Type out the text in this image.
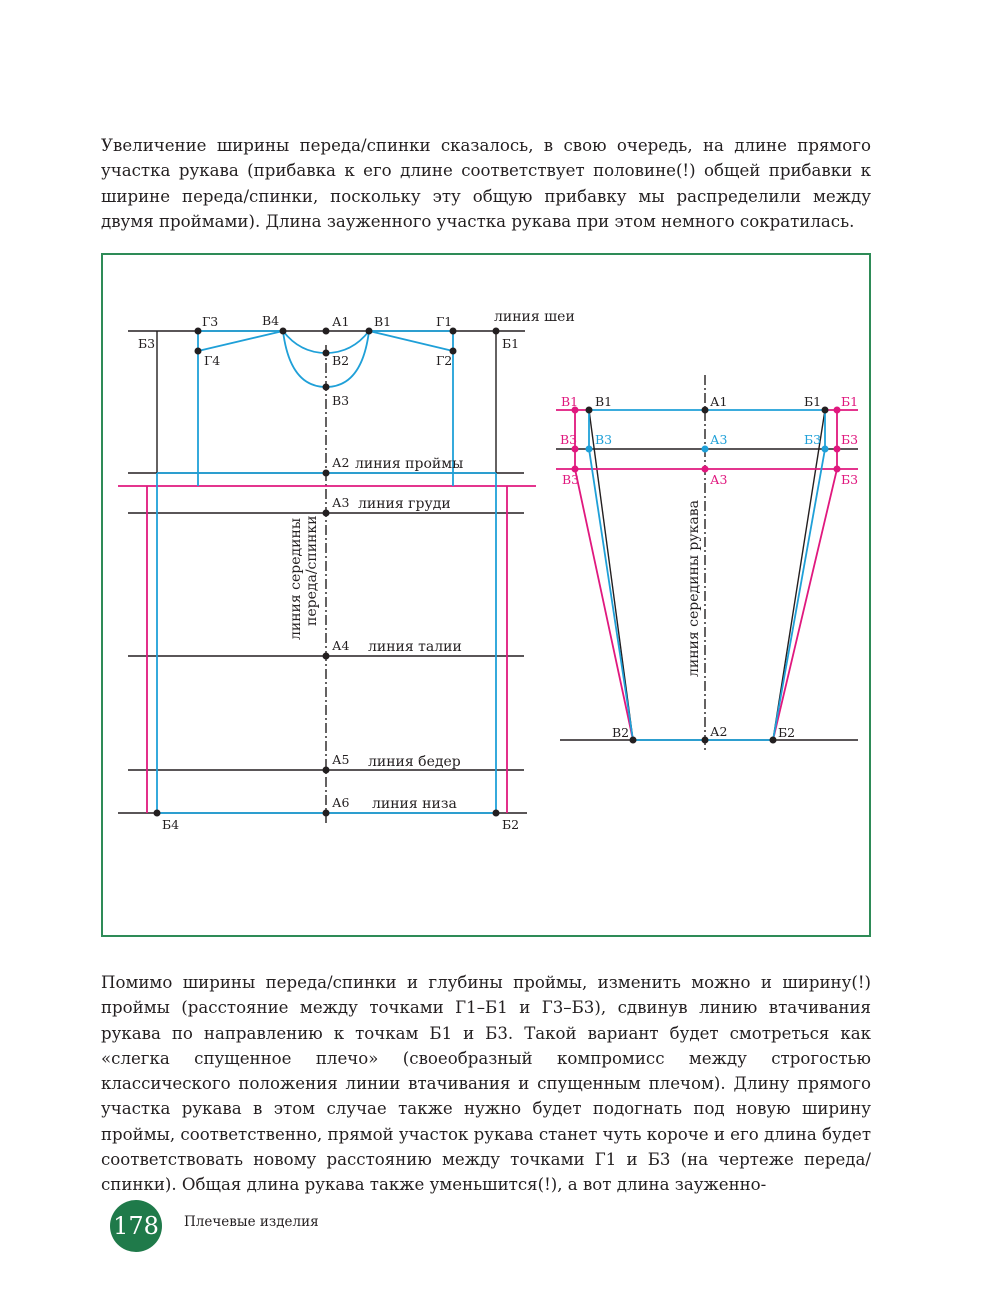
Увеличение ширины переда/спинки сказалось, в свою очередь, на длине прямого участка рукава (прибавка к его длине соответствует половине(!) общей прибавки к ширине переда/спинки, поскольку эту общую прибавку мы распределили между двумя проймами). Длина зауженного участка рукава при этом немного сократилась.

Г3	В4	А1 В1	Г1
Б3	Б1
Г4	Г2
В2
В3
А2
А3
А4
А5
А6
Б4	Б2
линия шеи
линия проймы
линия груди
линия талии
линия бедер
линия низа
линия середины переда/спинки
В1 В1	А1	Б1 Б1
В3 В3	А3	Б3 Б3
В3	А3	Б3
В2	А2	Б2
линия середины рукава

Помимо ширины переда/спинки и глубины проймы, изменить можно и ширину(!) проймы (расстояние между точками Г1–Б1 и Г3–Б3), сдвинув линию втачивания рукава по направлению к точкам Б1 и Б3. Такой вариант будет смотреться как «слегка спущенное плечо» (своеобразный компромисс между строгостью классического положения линии втачивания и спущенным плечом). Длину прямого участка рукава в этом случае также нужно будет подогнать под новую ширину проймы, соответственно, прямой участок рукава станет чуть короче и его длина будет соответствовать новому расстоянию между точками Г1 и Б3 (на чертеже переда/спинки). Общая длина рукава также уменьшится(!), а вот длина зауженно-

178 Плечевые изделия
